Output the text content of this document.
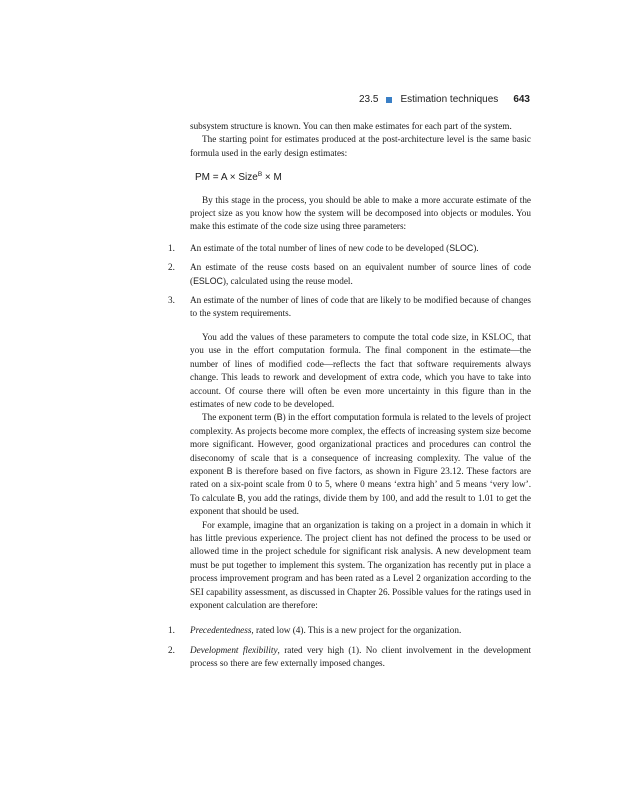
23.5 Estimation techniques 643

subsystem structure is known. You can then make estimates for each part of the system.

The starting point for estimates produced at the post-architecture level is the same basic formula used in the early design estimates:

PM = A × Size$^B$ × M

By this stage in the process, you should be able to make a more accurate estimate of the project size as you know how the system will be decomposed into objects or modules. You make this estimate of the code size using three parameters:

1. An estimate of the total number of lines of new code to be developed (SLOC).
2. An estimate of the reuse costs based on an equivalent number of source lines of code (ESLOC), calculated using the reuse model.
3. An estimate of the number of lines of code that are likely to be modified because of changes to the system requirements.

You add the values of these parameters to compute the total code size, in KSLOC, that you use in the effort computation formula. The final component in the estimate—the number of lines of modified code—reflects the fact that software requirements always change. This leads to rework and development of extra code, which you have to take into account. Of course there will often be even more uncertainty in this figure than in the estimates of new code to be developed.

The exponent term (B) in the effort computation formula is related to the levels of project complexity. As projects become more complex, the effects of increasing system size become more significant. However, good organizational practices and procedures can control the diseconomy of scale that is a consequence of increasing complexity. The value of the exponent B is therefore based on five factors, as shown in Figure 23.12. These factors are rated on a six-point scale from 0 to 5, where 0 means ‘extra high’ and 5 means ‘very low’. To calculate B, you add the ratings, divide them by 100, and add the result to 1.01 to get the exponent that should be used.

For example, imagine that an organization is taking on a project in a domain in which it has little previous experience. The project client has not defined the process to be used or allowed time in the project schedule for significant risk analysis. A new development team must be put together to implement this system. The organization has recently put in place a process improvement program and has been rated as a Level 2 organization according to the SEI capability assessment, as discussed in Chapter 26. Possible values for the ratings used in exponent calculation are therefore:

1. Precedentedness, rated low (4). This is a new project for the organization.
2. Development flexibility, rated very high (1). No client involvement in the development process so there are few externally imposed changes.
